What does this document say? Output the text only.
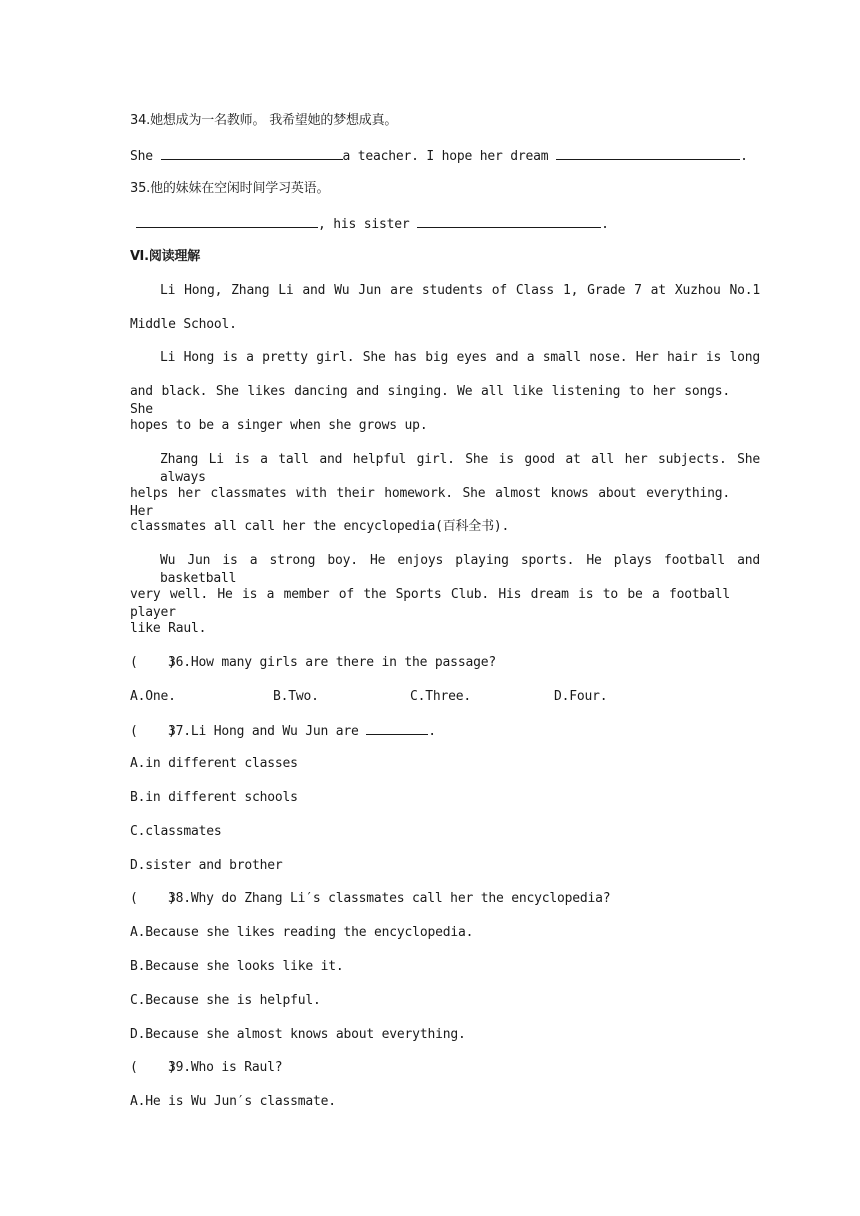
34.她想成为一名教师。 我希望她的梦想成真。
She	a teacher. I hope her dream	.
35.他的妹妹在空闲时间学习英语。
, his sister	.
Ⅵ.阅读理解
Li Hong, Zhang Li and Wu Jun are students of Class 1, Grade 7 at Xuzhou No.1
Middle School.
Li Hong is a pretty girl. She has big eyes and a small nose. Her hair is long
and black. She likes dancing and singing. We all like listening to her songs. She
hopes to be a singer when she grows up.
Zhang Li is a tall and helpful girl. She is good at all her subjects. She always
helps her classmates with their homework. She almost knows about everything. Her
classmates all call her the encyclopedia(百科全书).
Wu Jun is a strong boy. He enjoys playing sports. He plays football and basketball
very well. He is a member of the Sports Club. His dream is to be a football player
like Raul.
(    )36.How many girls are there in the passage?
A.One.	B.Two.	C.Three.	D.Four.
(    )37.Li Hong and Wu Jun are	.
A.in different classes
B.in different schools
C.classmates
D.sister and brother
(    )38.Why do Zhang Li′s classmates call her the encyclopedia?
A.Because she likes reading the encyclopedia.
B.Because she looks like it.
C.Because she is helpful.
D.Because she almost knows about everything.
(    )39.Who is Raul?
A.He is Wu Jun′s classmate.
